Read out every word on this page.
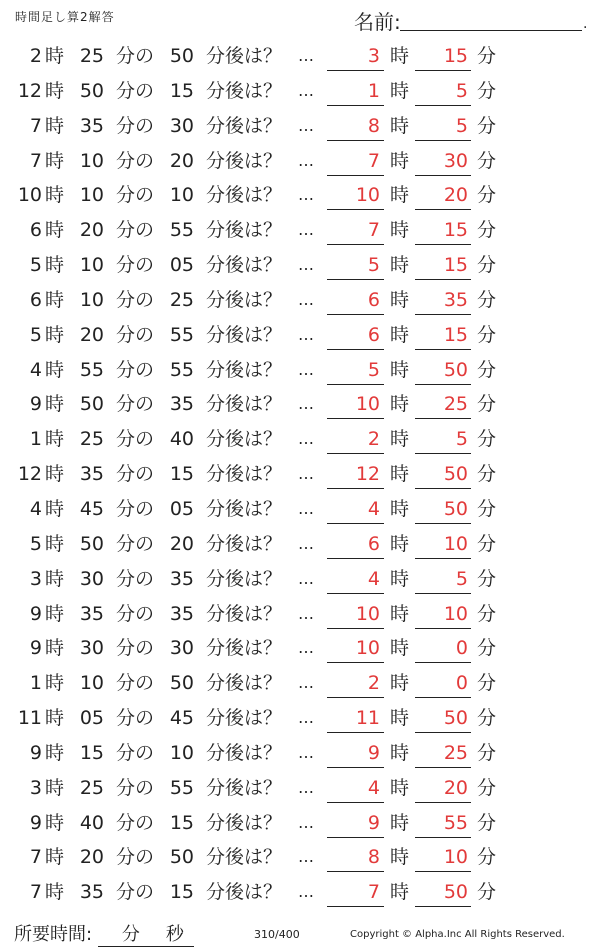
時間足し算2解答	名前:	.
2 時 25 分の 50 分後は？ …	3 時 15 分
12 時 50 分の 15 分後は？ …	1 時 5 分
7 時 35 分の 30 分後は？ …	8 時 5 分
7 時 10 分の 20 分後は？ …	7 時 30 分
10 時 10 分の 10 分後は？ … 10 時 20 分
6 時 20 分の 55 分後は？ …	7 時 15 分
5 時 10 分の 05 分後は？ …	5 時 15 分
6 時 10 分の 25 分後は？ …	6 時 35 分
5 時 20 分の 55 分後は？ …	6 時 15 分
4 時 55 分の 55 分後は？ …	5 時 50 分
9 時 50 分の 35 分後は？ … 10 時 25 分
1 時 25 分の 40 分後は？ …	2 時 5 分
12 時 35 分の 15 分後は？ … 12 時 50 分
4 時 45 分の 05 分後は？ …	4 時 50 分
5 時 50 分の 20 分後は？ …	6 時 10 分
3 時 30 分の 35 分後は？ …	4 時 5 分
9 時 35 分の 35 分後は？ … 10 時 10 分
9 時 30 分の 30 分後は？ … 10 時 0 分
1 時 10 分の 50 分後は？ …	2 時 0 分
11 時 05 分の 45 分後は？ … 11 時 50 分
9 時 15 分の 10 分後は？ …	9 時 25 分
3 時 25 分の 55 分後は？ …	4 時 20 分
9 時 40 分の 15 分後は？ …	9 時 55 分
7 時 20 分の 50 分後は？ …	8 時 10 分
7 時 35 分の 15 分後は？ …	7 時 50 分
所要時間: 分 秒	310/400	Copyright © Alpha.Inc All Rights Reserved.
